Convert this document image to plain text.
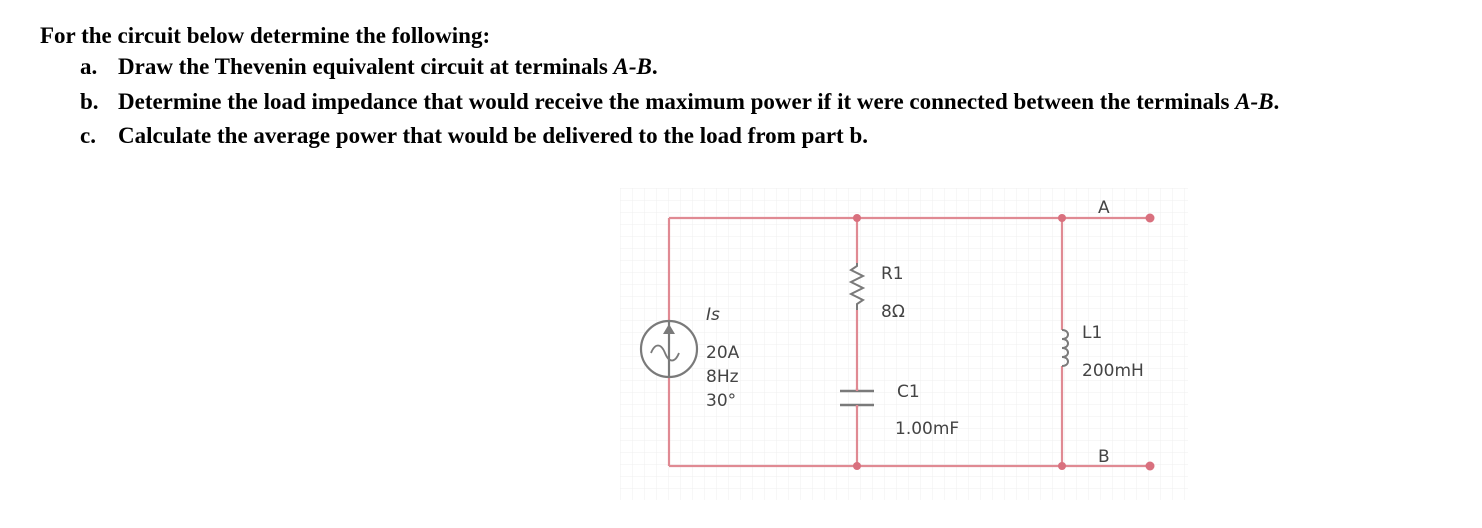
For the circuit below determine the following:
a. Draw the Thevenin equivalent circuit at terminals A-B.
b. Determine the load impedance that would receive the maximum power if it were connected between the terminals A-B.
c. Calculate the average power that would be delivered to the load from part b.
Is
20A
8Hz
30°
R1
8Ω
C1
1.00mF
L1
200mH
A
B
